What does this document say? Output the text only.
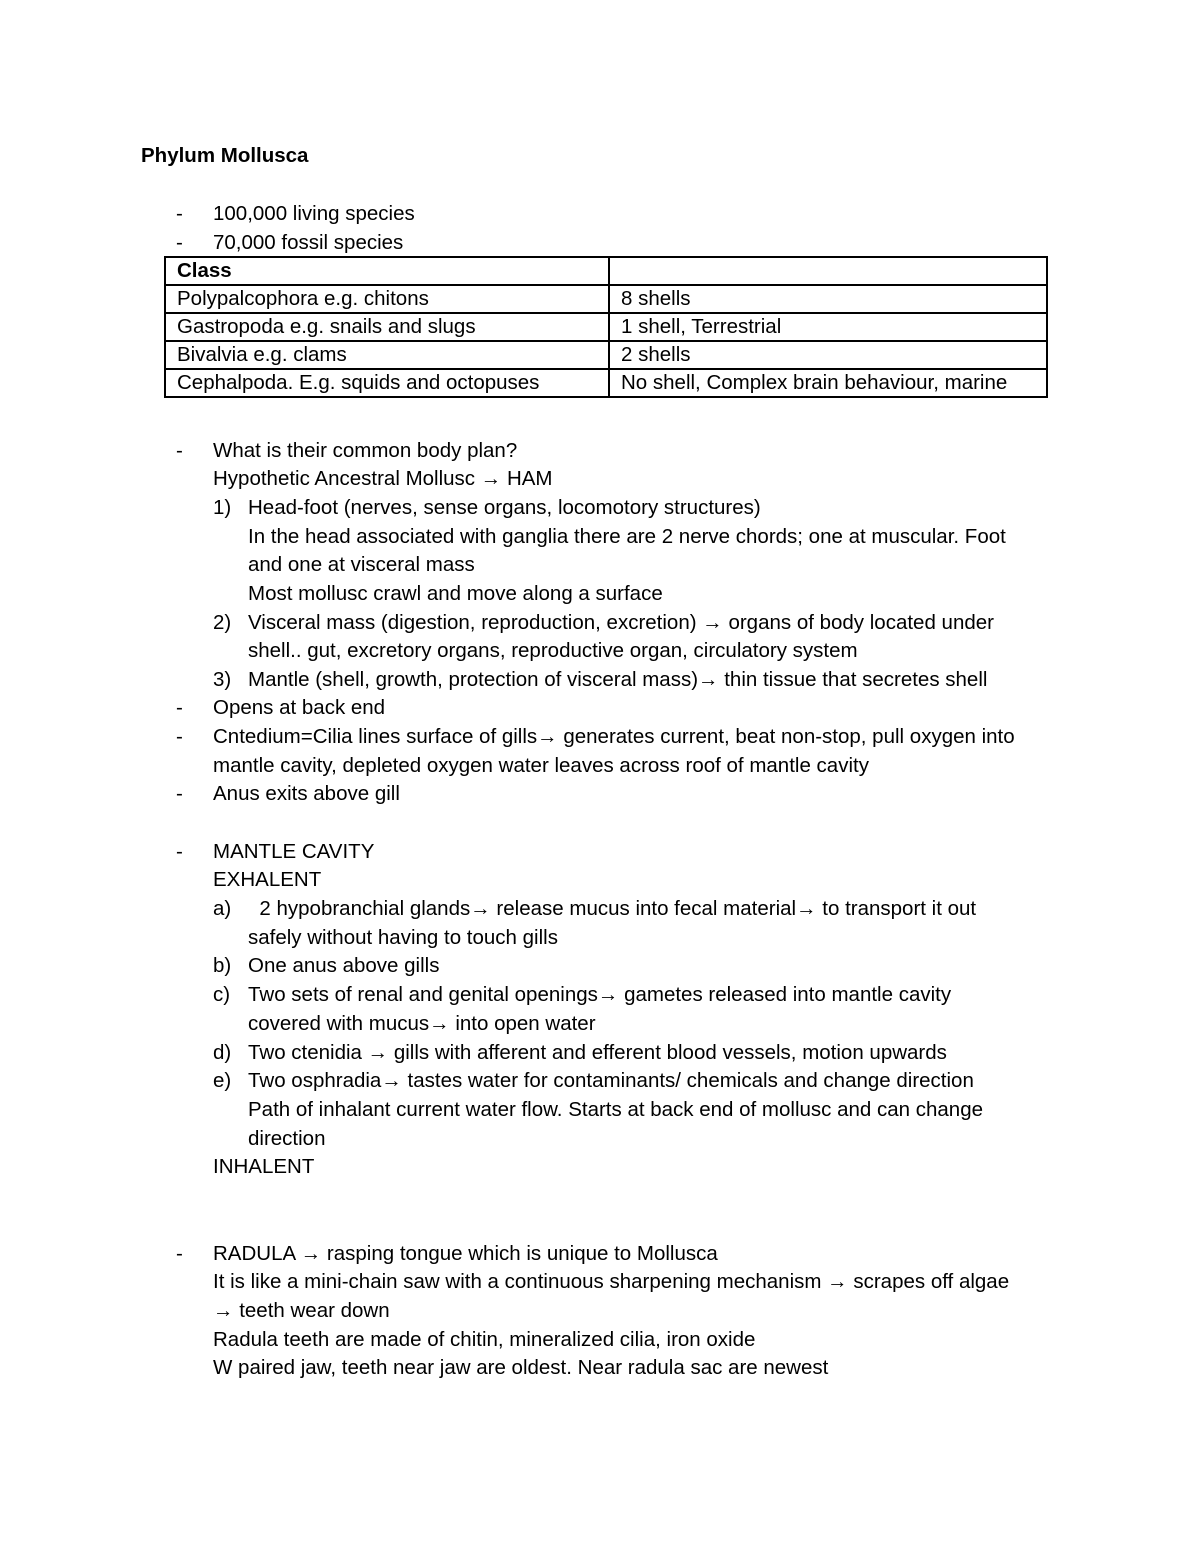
Phylum Mollusca
- 100,000 living species
- 70,000 fossil species
Class	
Polypalcophora e.g. chitons	8 shells
Gastropoda e.g. snails and slugs	1 shell, Terrestrial
Bivalvia e.g. clams	2 shells
Cephalpoda. E.g. squids and octopuses	No shell, Complex brain behaviour, marine
- What is their common body plan?
Hypothetic Ancestral Mollusc → HAM
1) Head-foot (nerves, sense organs, locomotory structures)
In the head associated with ganglia there are 2 nerve chords; one at muscular. Foot
and one at visceral mass
Most mollusc crawl and move along a surface
2) Visceral mass (digestion, reproduction, excretion) → organs of body located under
shell.. gut, excretory organs, reproductive organ, circulatory system
3) Mantle (shell, growth, protection of visceral mass)→ thin tissue that secretes shell
- Opens at back end
- Cntedium=Cilia lines surface of gills→ generates current, beat non-stop, pull oxygen into
mantle cavity, depleted oxygen water leaves across roof of mantle cavity
- Anus exits above gill
- MANTLE CAVITY
EXHALENT
a) 2 hypobranchial glands→ release mucus into fecal material→ to transport it out
safely without having to touch gills
b) One anus above gills
c) Two sets of renal and genital openings→ gametes released into mantle cavity
covered with mucus→ into open water
d) Two ctenidia → gills with afferent and efferent blood vessels, motion upwards
e) Two osphradia→ tastes water for contaminants/ chemicals and change direction
Path of inhalant current water flow. Starts at back end of mollusc and can change
direction
INHALENT
- RADULA → rasping tongue which is unique to Mollusca
It is like a mini-chain saw with a continuous sharpening mechanism → scrapes off algae
→ teeth wear down
Radula teeth are made of chitin, mineralized cilia, iron oxide
W paired jaw, teeth near jaw are oldest. Near radula sac are newest
